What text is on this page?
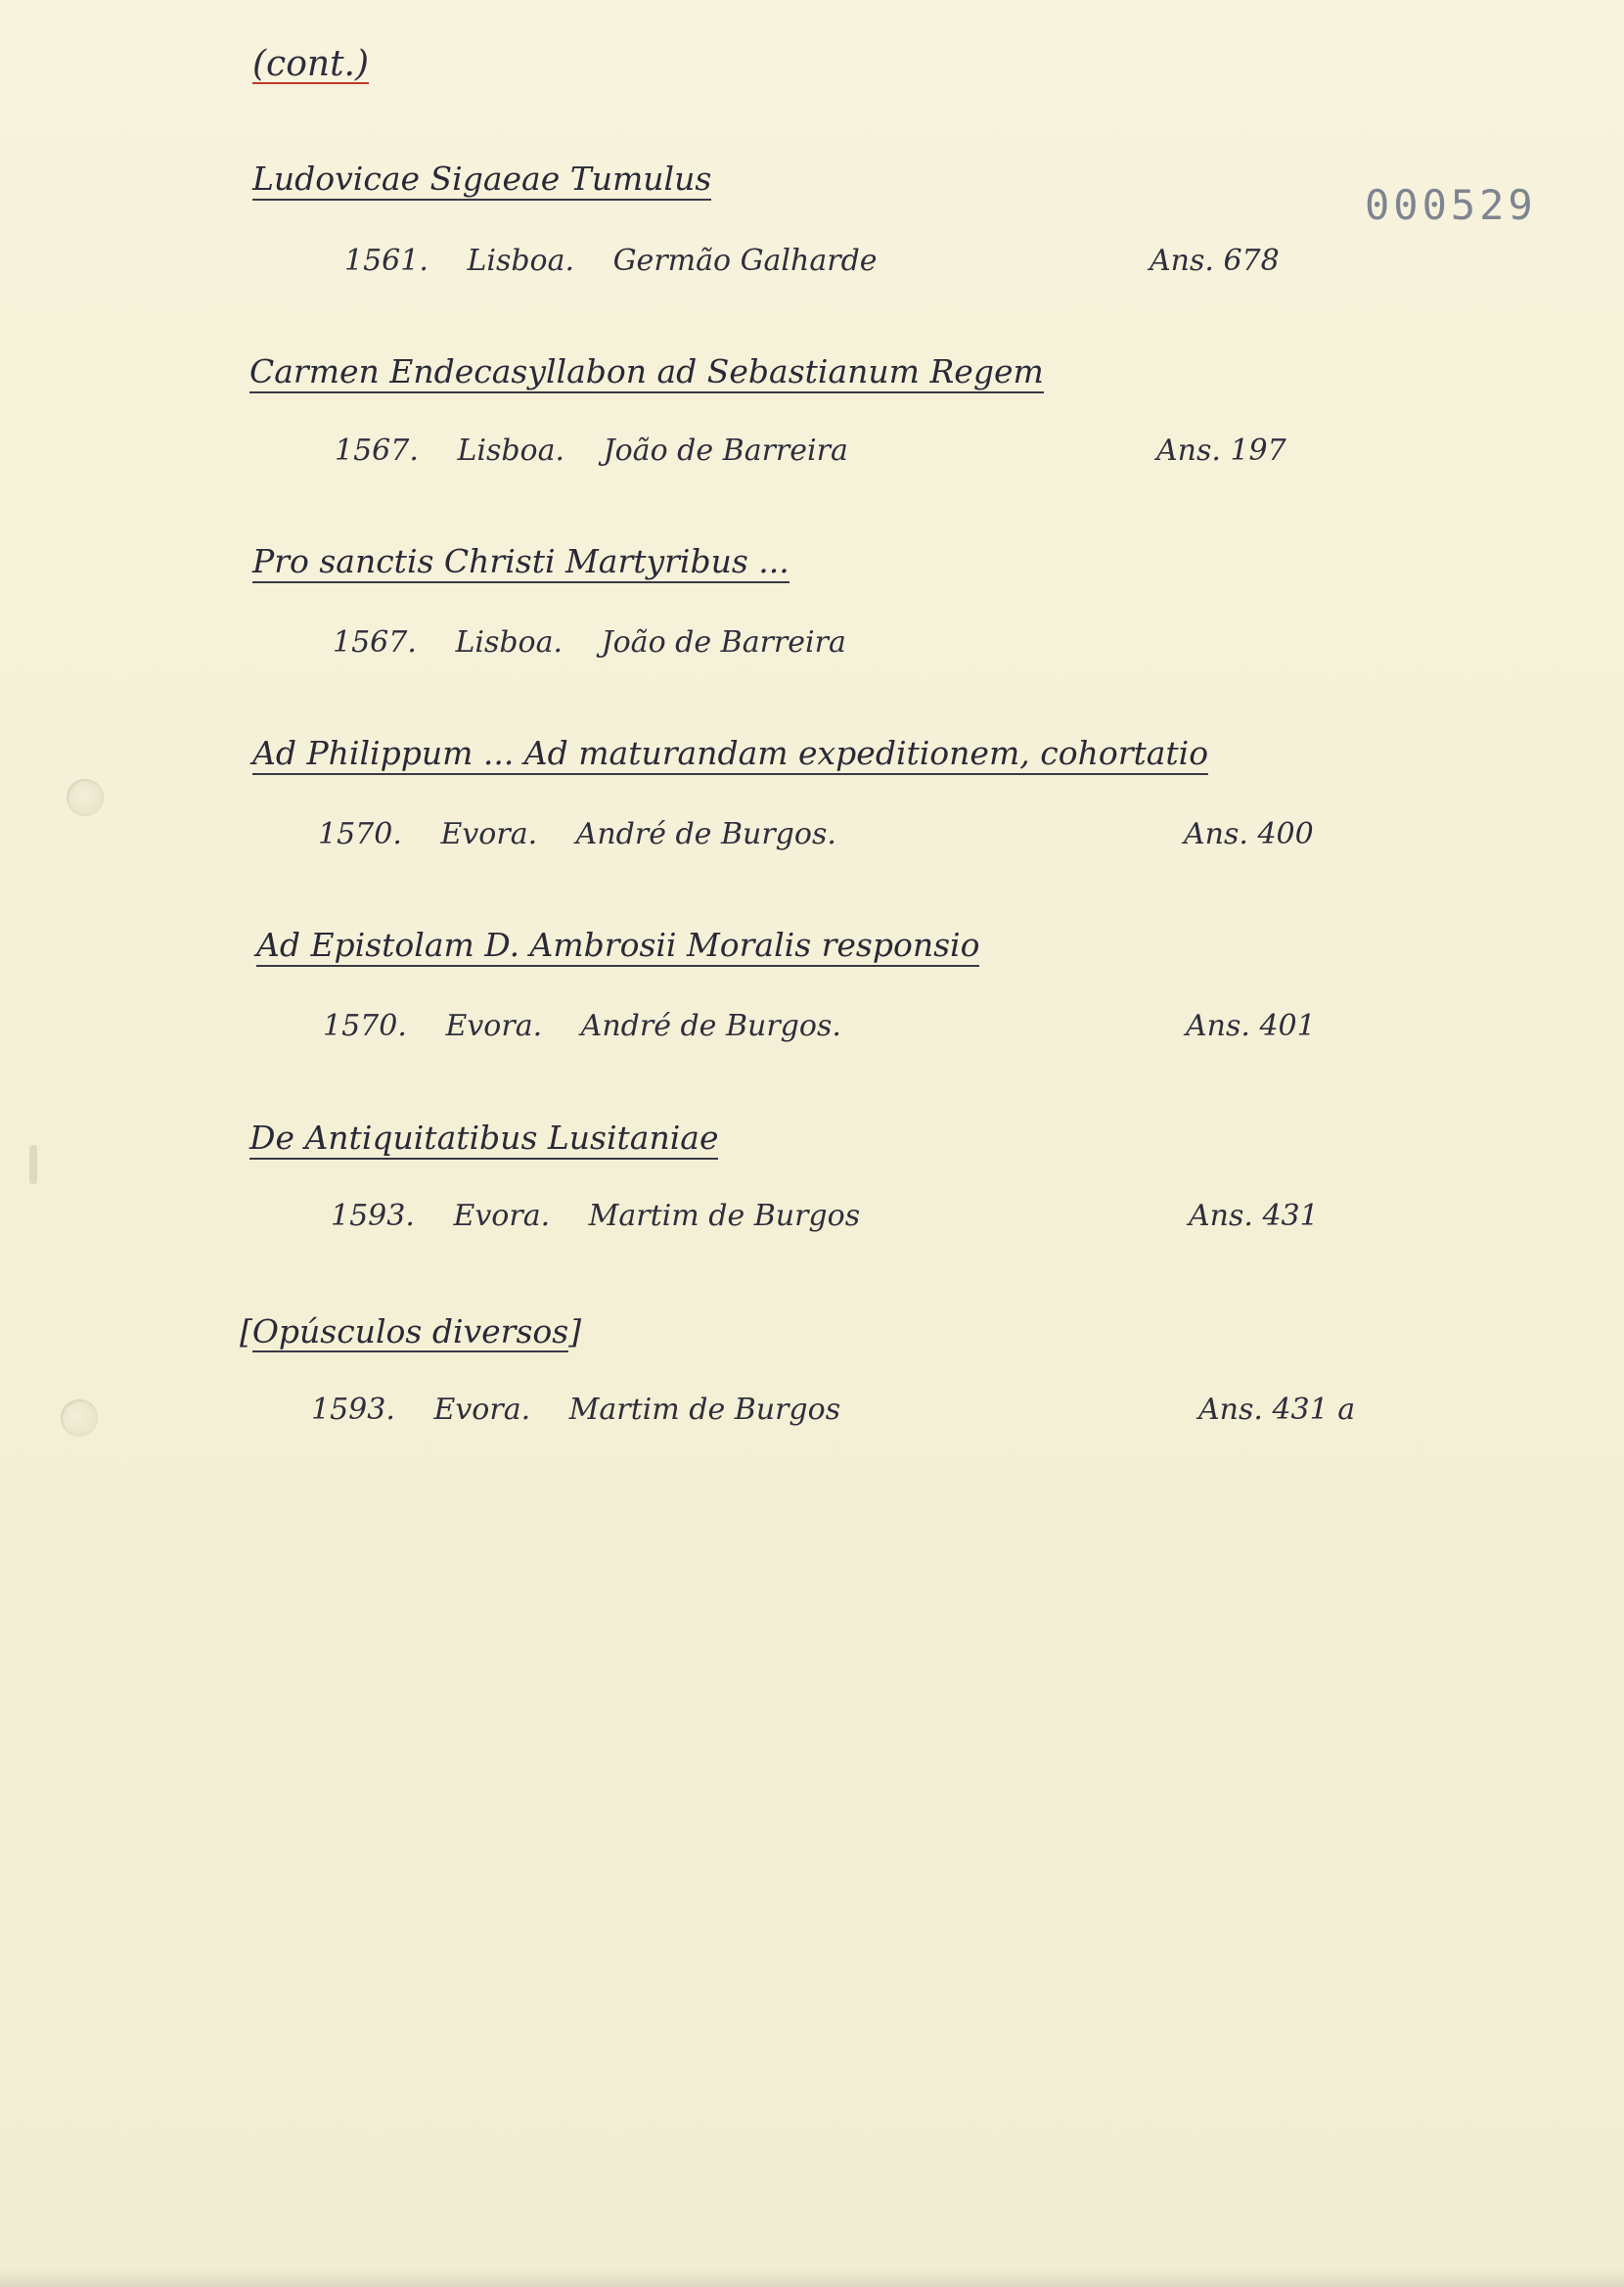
(cont.)
000529
Ludovicae Sigaeae Tumulus
1561. Lisboa. Germão Galharde	Ans. 678
Carmen Endecasyllabon ad Sebastianum Regem
1567. Lisboa. João de Barreira	Ans. 197
Pro sanctis Christi Martyribus ...
1567. Lisboa. João de Barreira
Ad Philippum ... Ad maturandam expeditionem, cohortatio
1570. Evora. André de Burgos.	Ans. 400
Ad Epistolam D. Ambrosii Moralis responsio
1570. Evora. André de Burgos.	Ans. 401
De Antiquitatibus Lusitaniae
1593. Evora. Martim de Burgos	Ans. 431
[Opúsculos diversos]
1593. Evora. Martim de Burgos	Ans. 431 a
